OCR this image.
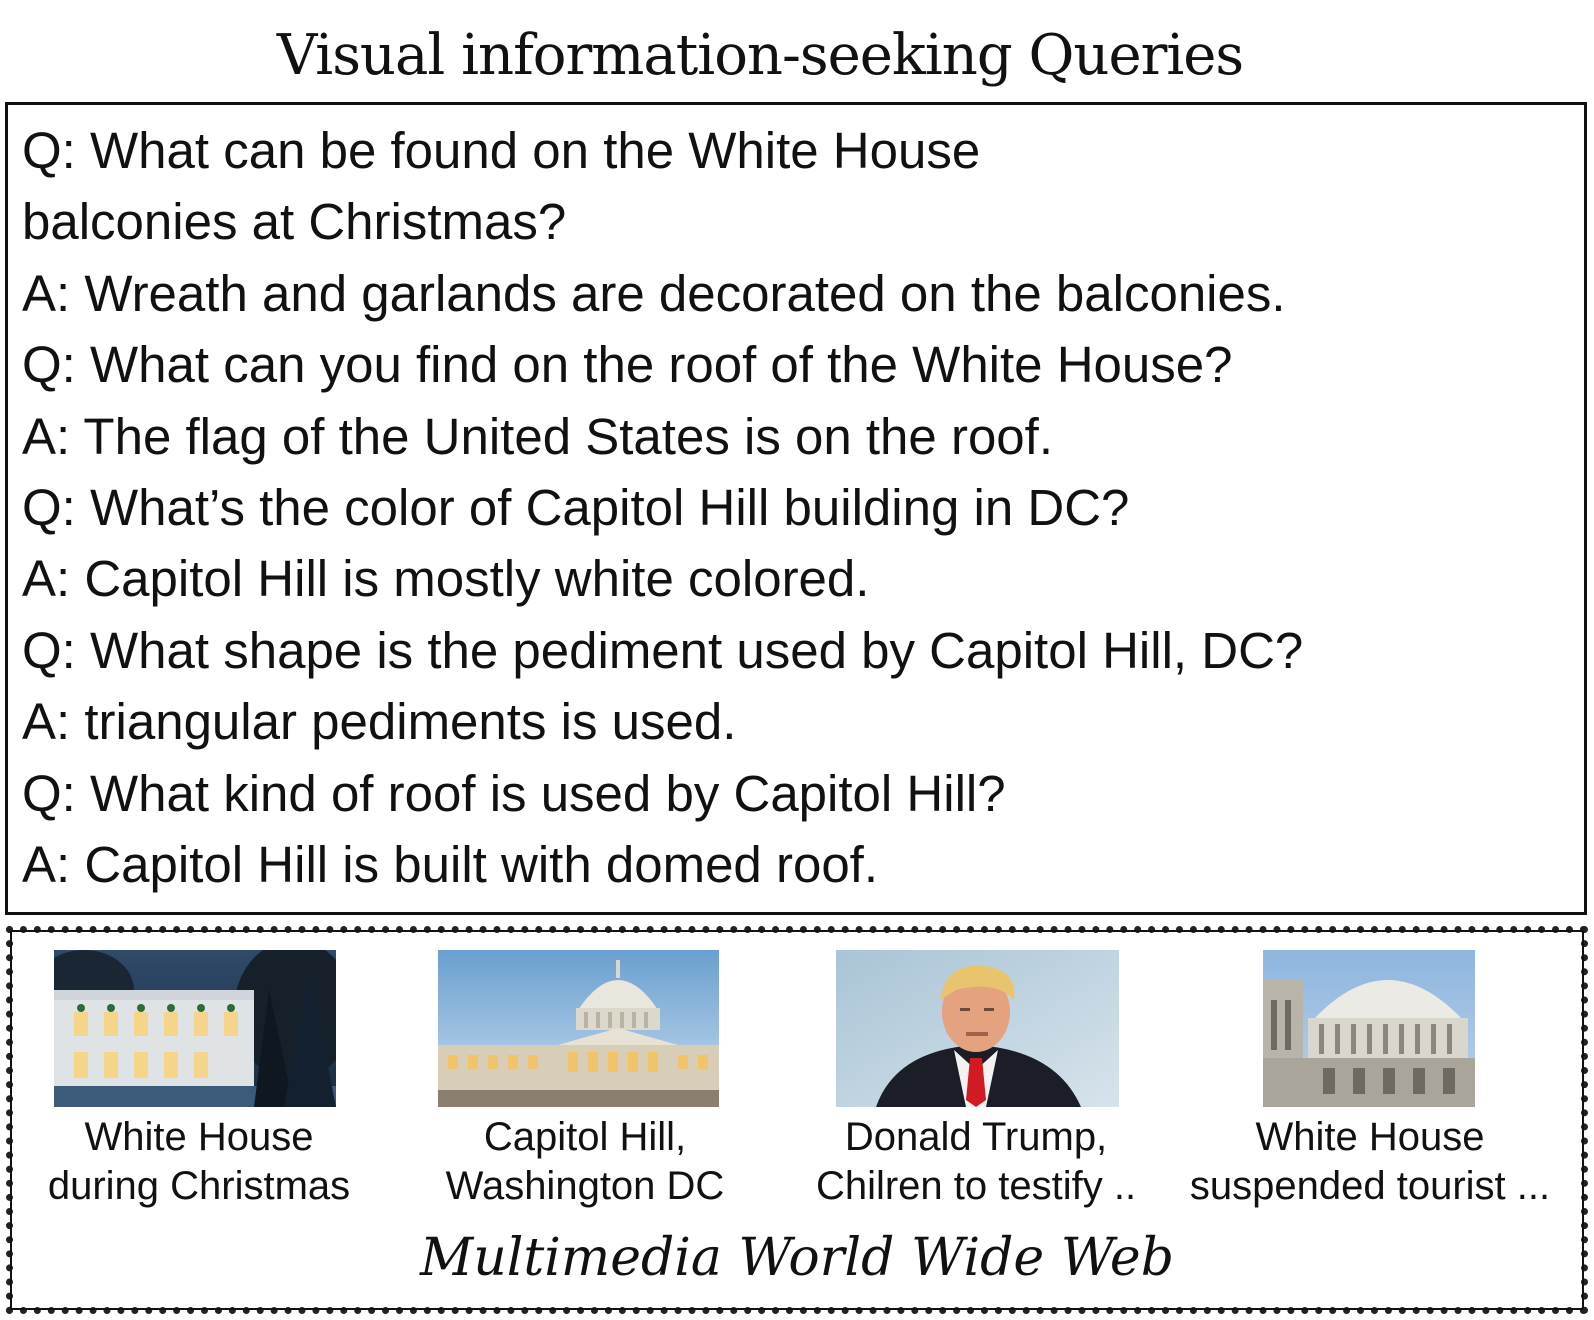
Visual information-seeking Queries
Q: What can be found on the White House
balconies at Christmas?
A: Wreath and garlands are decorated on the balconies.
Q: What can you find on the roof of the White House?
A: The flag of the United States is on the roof.
Q: What’s the color of Capitol Hill building in DC?
A: Capitol Hill is mostly white colored.
Q: What shape is the pediment used by Capitol Hill, DC?
A: triangular pediments is used.
Q: What kind of roof is used by Capitol Hill?
A: Capitol Hill is built with domed roof.
White House
during Christmas
Capitol Hill,
Washington DC
Donald Trump,
Chilren to testify ..
White House
suspended tourist ...
Multimedia World Wide Web
